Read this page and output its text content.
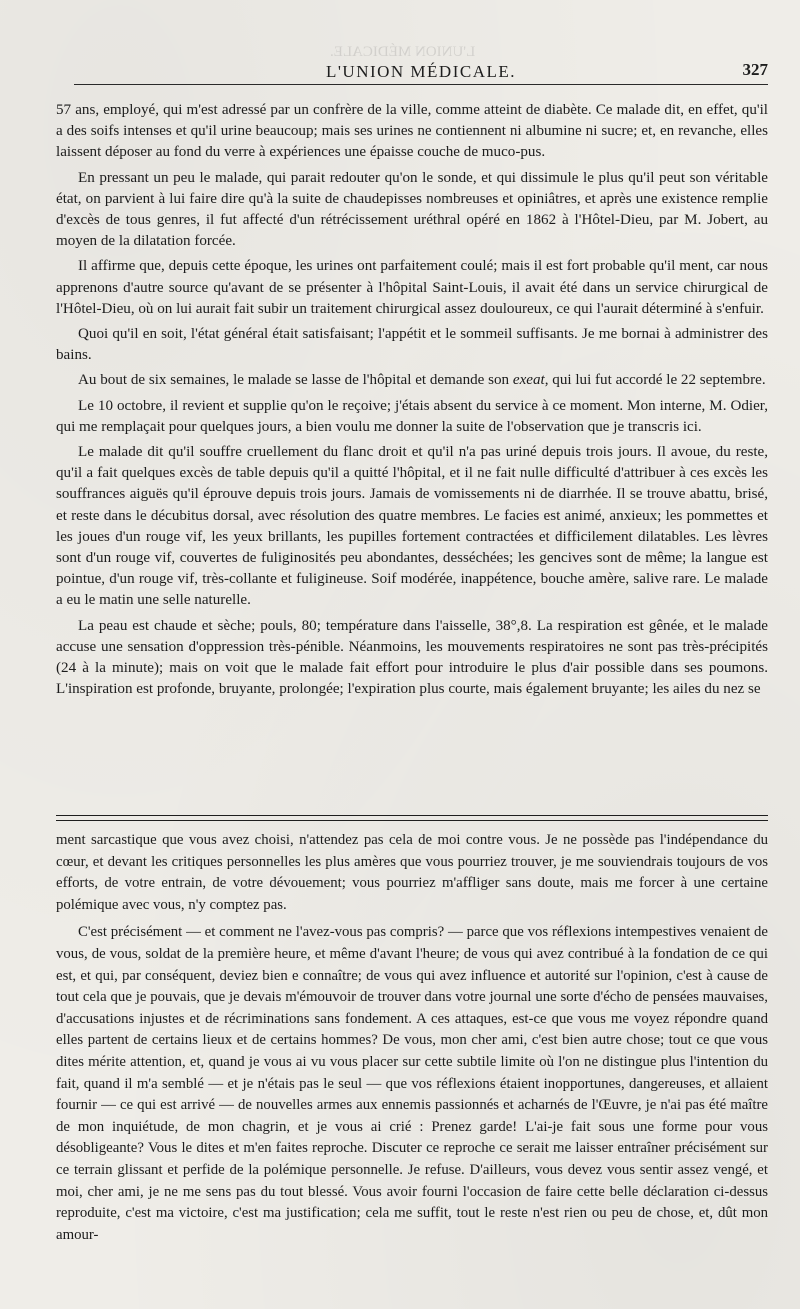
L'UNION MÉDICALE.
L'UNION MÉDICALE.	327

57 ans, employé, qui m'est adressé par un confrère de la ville, comme atteint de diabète. Ce malade dit, en effet, qu'il a des soifs intenses et qu'il urine beaucoup; mais ses urines ne contiennent ni albumine ni sucre; et, en revanche, elles laissent déposer au fond du verre à expériences une épaisse couche de muco-pus.

En pressant un peu le malade, qui parait redouter qu'on le sonde, et qui dissimule le plus qu'il peut son véritable état, on parvient à lui faire dire qu'à la suite de chaudepisses nombreuses et opiniâtres, et après une existence remplie d'excès de tous genres, il fut affecté d'un rétrécissement uréthral opéré en 1862 à l'Hôtel-Dieu, par M. Jobert, au moyen de la dilatation forcée.

Il affirme que, depuis cette époque, les urines ont parfaitement coulé; mais il est fort probable qu'il ment, car nous apprenons d'autre source qu'avant de se présenter à l'hôpital Saint-Louis, il avait été dans un service chirurgical de l'Hôtel-Dieu, où on lui aurait fait subir un traitement chirurgical assez douloureux, ce qui l'aurait déterminé à s'enfuir.

Quoi qu'il en soit, l'état général était satisfaisant; l'appétit et le sommeil suffisants. Je me bornai à administrer des bains.

Au bout de six semaines, le malade se lasse de l'hôpital et demande son exeat, qui lui fut accordé le 22 septembre.

Le 10 octobre, il revient et supplie qu'on le reçoive; j'étais absent du service à ce moment. Mon interne, M. Odier, qui me remplaçait pour quelques jours, a bien voulu me donner la suite de l'observation que je transcris ici.

Le malade dit qu'il souffre cruellement du flanc droit et qu'il n'a pas uriné depuis trois jours. Il avoue, du reste, qu'il a fait quelques excès de table depuis qu'il a quitté l'hôpital, et il ne fait nulle difficulté d'attribuer à ces excès les souffrances aiguës qu'il éprouve depuis trois jours. Jamais de vomissements ni de diarrhée. Il se trouve abattu, brisé, et reste dans le décubitus dorsal, avec résolution des quatre membres. Le facies est animé, anxieux; les pommettes et les joues d'un rouge vif, les yeux brillants, les pupilles fortement contractées et difficilement dilatables. Les lèvres sont d'un rouge vif, couvertes de fuliginosités peu abondantes, desséchées; les gencives sont de même; la langue est pointue, d'un rouge vif, très-collante et fuligineuse. Soif modérée, inappétence, bouche amère, salive rare. Le malade a eu le matin une selle naturelle.

La peau est chaude et sèche; pouls, 80; température dans l'aisselle, 38°,8. La respiration est gênée, et le malade accuse une sensation d'oppression très-pénible. Néanmoins, les mouvements respiratoires ne sont pas très-précipités (24 à la minute); mais on voit que le malade fait effort pour introduire le plus d'air possible dans ses poumons. L'inspiration est profonde, bruyante, prolongée; l'expiration plus courte, mais également bruyante; les ailes du nez se

ment sarcastique que vous avez choisi, n'attendez pas cela de moi contre vous. Je ne possède pas l'indépendance du cœur, et devant les critiques personnelles les plus amères que vous pourriez trouver, je me souviendrais toujours de vos efforts, de votre entrain, de votre dévouement; vous pourriez m'affliger sans doute, mais me forcer à une certaine polémique avec vous, n'y comptez pas.

C'est précisément — et comment ne l'avez-vous pas compris? — parce que vos réflexions intempestives venaient de vous, de vous, soldat de la première heure, et même d'avant l'heure; de vous qui avez contribué à la fondation de ce qui est, et qui, par conséquent, deviez bien e connaître; de vous qui avez influence et autorité sur l'opinion, c'est à cause de tout cela que je pouvais, que je devais m'émouvoir de trouver dans votre journal une sorte d'écho de pensées mauvaises, d'accusations injustes et de récriminations sans fondement. A ces attaques, est-ce que vous me voyez répondre quand elles partent de certains lieux et de certains hommes? De vous, mon cher ami, c'est bien autre chose; tout ce que vous dites mérite attention, et, quand je vous ai vu vous placer sur cette subtile limite où l'on ne distingue plus l'intention du fait, quand il m'a semblé — et je n'étais pas le seul — que vos réflexions étaient inopportunes, dangereuses, et allaient fournir — ce qui est arrivé — de nouvelles armes aux ennemis passionnés et acharnés de l'Œuvre, je n'ai pas été maître de mon inquiétude, de mon chagrin, et je vous ai crié : Prenez garde! L'ai-je fait sous une forme pour vous désobligeante? Vous le dites et m'en faites reproche. Discuter ce reproche ce serait me laisser entraîner précisément sur ce terrain glissant et perfide de la polémique personnelle. Je refuse. D'ailleurs, vous devez vous sentir assez vengé, et moi, cher ami, je ne me sens pas du tout blessé. Vous avoir fourni l'occasion de faire cette belle déclaration ci-dessus reproduite, c'est ma victoire, c'est ma justification; cela me suffit, tout le reste n'est rien ou peu de chose, et, dût mon amour-
